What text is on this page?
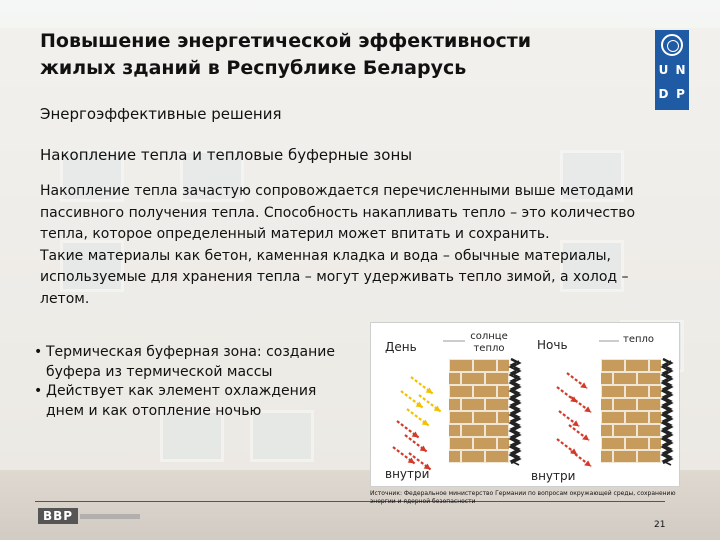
Повышение энергетической эффективности
жилых зданий в Республике Беларусь	U N
D P
Энергоэффективные решения
Накопление тепла и тепловые буферные зоны
Накопление тепла зачастую сопровождается перечисленными выше методами
пассивного получения тепла. Способность накапливать тепло – это количество
тепла, которое определенный материл может впитать и сохранить.
Такие материалы как бетон, каменная кладка и вода – обычные материалы,
используемые для хранения тепла – могут удерживать тепло зимой, а холод –
летом.
• Термическая буферная зона: создание буфера из термической массы
• Действует как элемент охлаждения днем и как отопление ночью
День
солнце
тепло	Ночь	тепло
внутри	внутри
Источник: Федеральное министерство Германии по вопросам окружающей среды, сохранению энергии и ядерной безопасности
21
BBP
